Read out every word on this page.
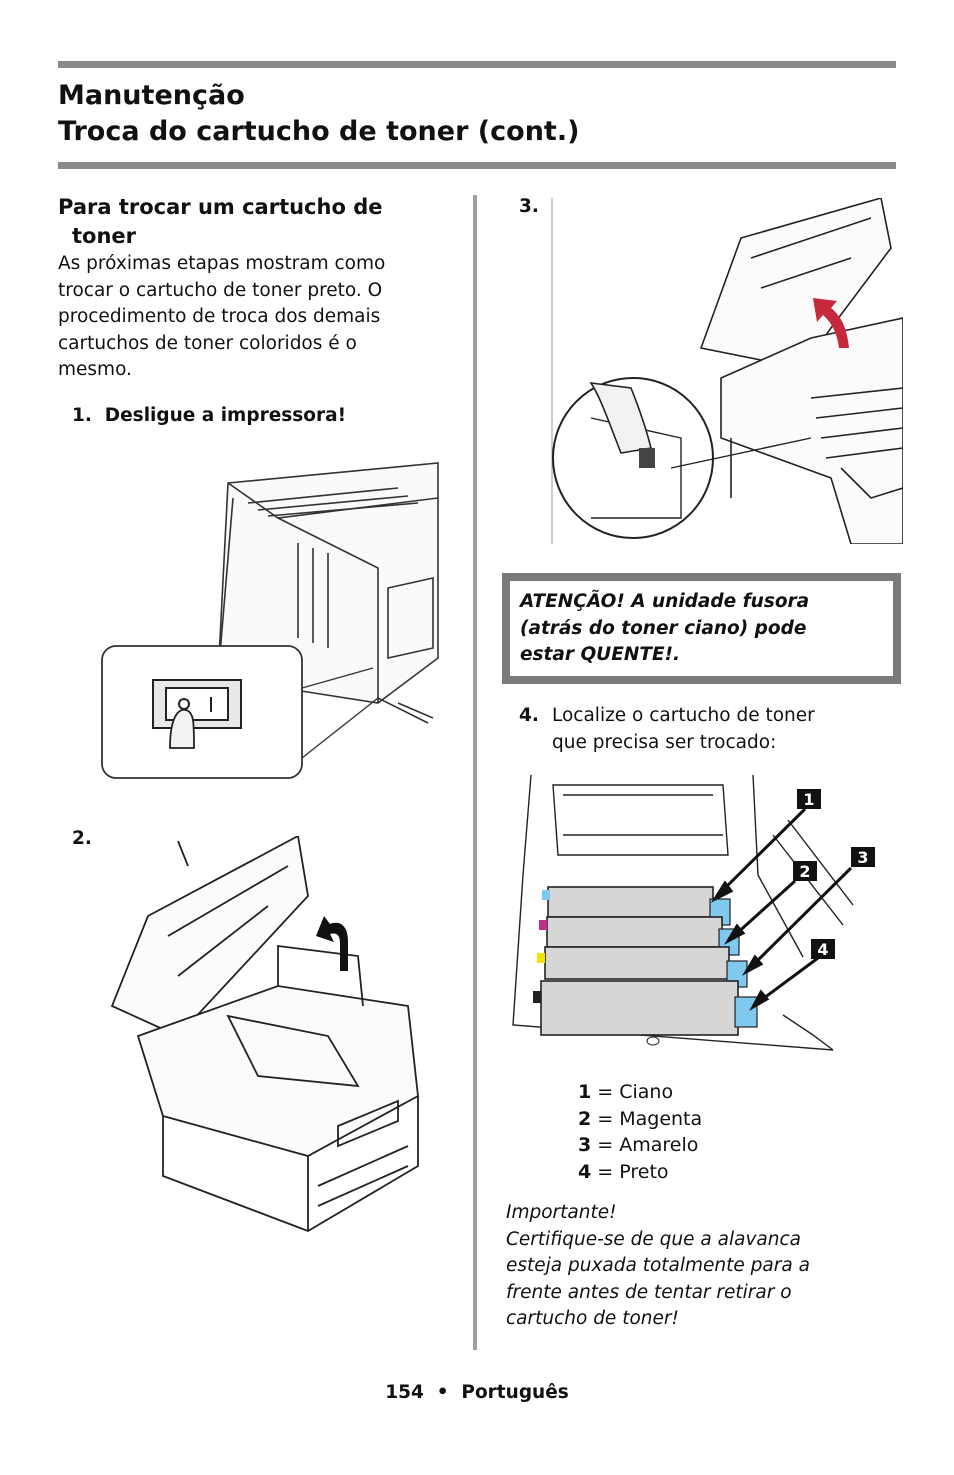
Manutenção
Troca do cartucho de toner (cont.)
Para trocar um cartucho de
toner
As próximas etapas mostram como
trocar o cartucho de toner preto. O
procedimento de troca dos demais
cartuchos de toner coloridos é o
mesmo.
1.  Desligue a impressora!
2.
3.

ATENÇÃO! A unidade fusora

(atrás do toner ciano) pode

estar QUENTE!.

4. Localize o cartucho de toner
que precisa ser trocado:
1
2
3
4
1 = Ciano
2 = Magenta
3 = Amarelo
4 = Preto
Importante!
Certifique-se de que a alavanca
esteja puxada totalmente para a
frente antes de tentar retirar o
cartucho de toner!
154  •  Português
